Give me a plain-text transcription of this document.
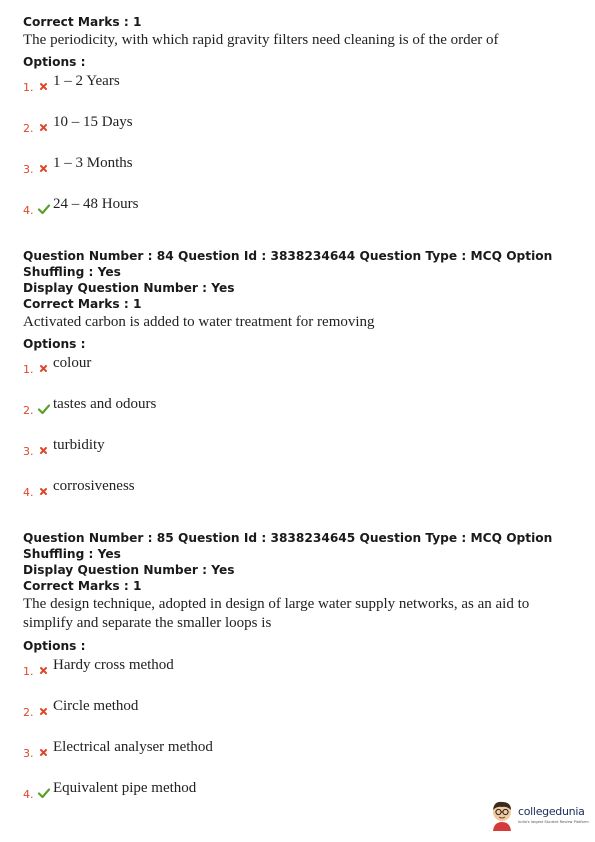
Correct Marks : 1
The periodicity, with which rapid gravity filters need cleaning is of the order of
Options :
1. 1 – 2 Years
2. 10 – 15 Days
3. 1 – 3 Months
4. 24 – 48 Hours
Question Number : 84 Question Id : 3838234644 Question Type : MCQ Option Shuffling : Yes
Display Question Number : Yes
Correct Marks : 1
Activated carbon is added to water treatment for removing
Options :
1. colour
2. tastes and odours
3. turbidity
4. corrosiveness
Question Number : 85 Question Id : 3838234645 Question Type : MCQ Option Shuffling : Yes
Display Question Number : Yes
Correct Marks : 1
The design technique, adopted in design of large water supply networks, as an aid to
simplify and separate the smaller loops is
Options :
1. Hardy cross method
2. Circle method
3. Electrical analyser method
4. Equivalent pipe method
collegedunia
India's largest Student Review Platform
